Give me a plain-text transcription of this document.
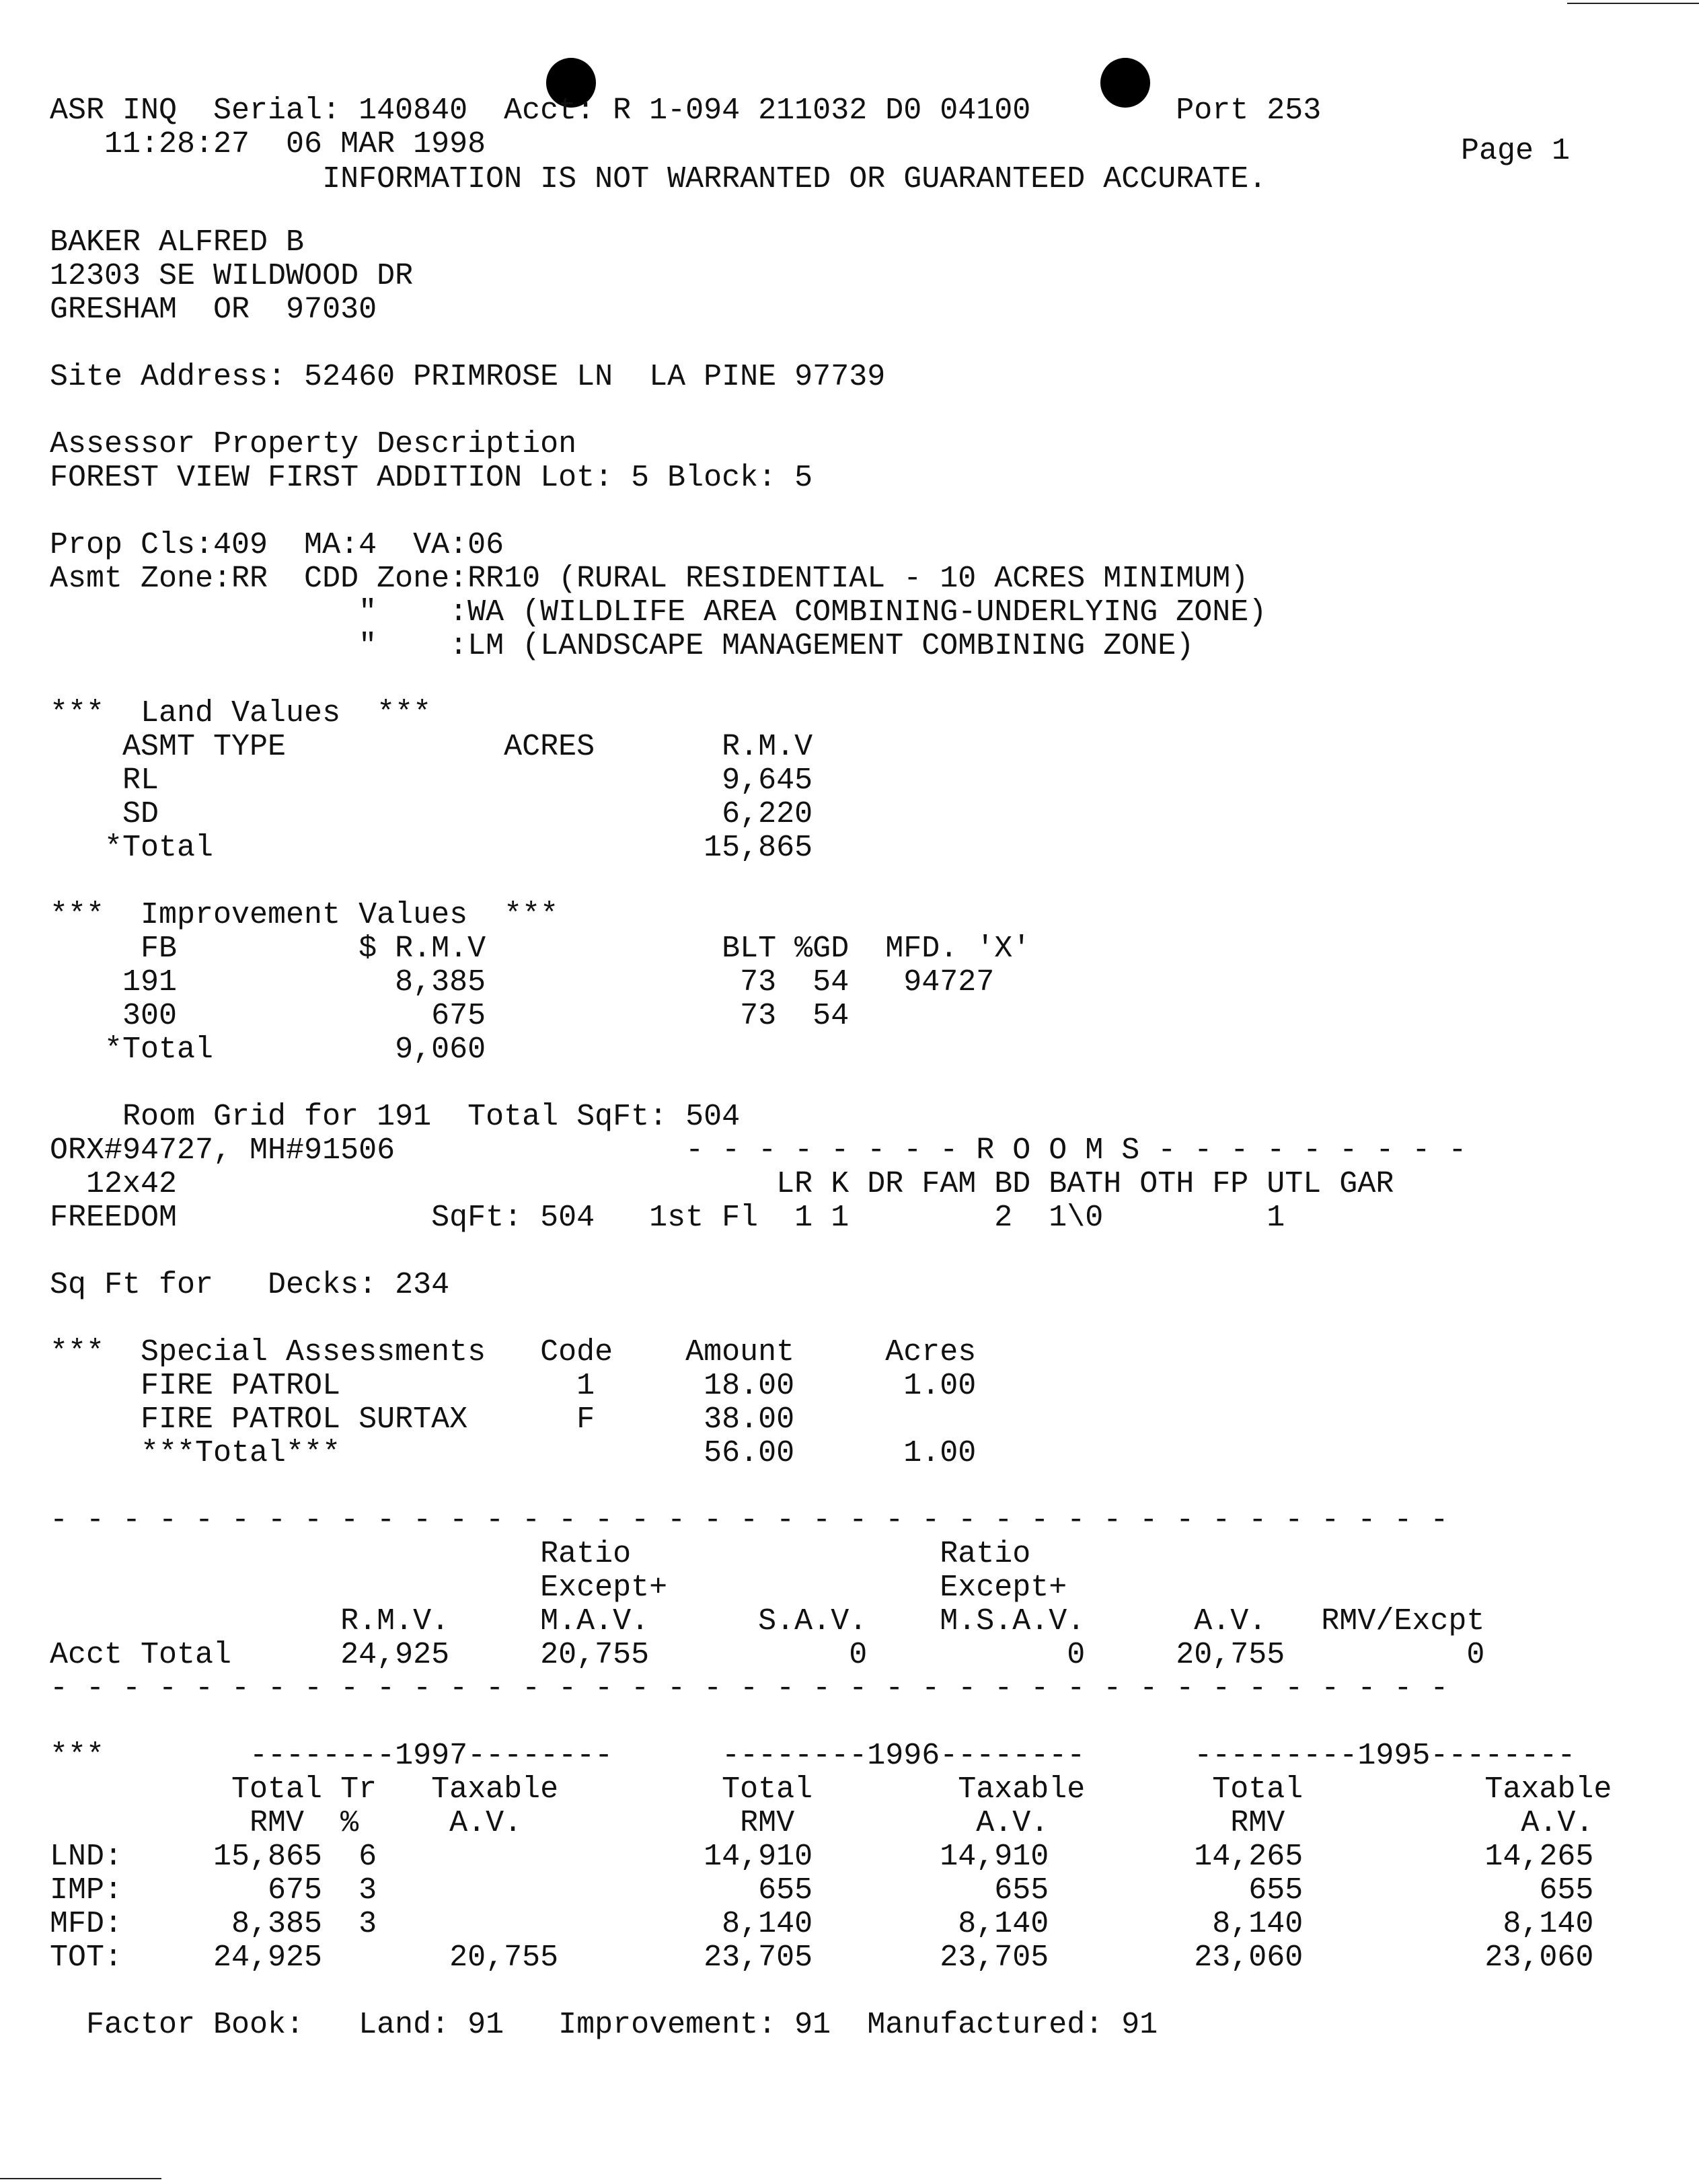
ASR INQ  Serial: 140840  Acct: R 1-094 211032 D0 04100        Port 253
11:28:27  06 MAR 1998	Page 1
INFORMATION IS NOT WARRANTED OR GUARANTEED ACCURATE.
BAKER ALFRED B
12303 SE WILDWOOD DR
GRESHAM  OR  97030
Site Address: 52460 PRIMROSE LN  LA PINE 97739
Assessor Property Description
FOREST VIEW FIRST ADDITION Lot: 5 Block: 5
Prop Cls:409  MA:4  VA:06
Asmt Zone:RR  CDD Zone:RR10 (RURAL RESIDENTIAL - 10 ACRES MINIMUM)
"    :WA (WILDLIFE AREA COMBINING-UNDERLYING ZONE)
"    :LM (LANDSCAPE MANAGEMENT COMBINING ZONE)
***  Land Values  ***
ASMT TYPE            ACRES       R.M.V
RL                               9,645
SD                               6,220
*Total                           15,865
***  Improvement Values  ***
FB          $ R.M.V             BLT %GD  MFD. 'X'
191            8,385              73  54   94727
300              675              73  54
*Total          9,060
Room Grid for 191  Total SqFt: 504
ORX#94727, MH#91506                - - - - - - - - R O O M S - - - - - - - - -
12x42                                 LR K DR FAM BD BATH OTH FP UTL GAR
FREEDOM              SqFt: 504   1st Fl  1 1        2  1\0         1
Sq Ft for   Decks: 234
***  Special Assessments   Code    Amount     Acres
FIRE PATROL             1      18.00      1.00
FIRE PATROL SURTAX      F      38.00
***Total***                    56.00      1.00
- - - - - - - - - - - - - - - - - - - - - - - - - - - - - - - - - - - - - - -
Ratio                 Ratio
Except+               Except+
R.M.V.     M.A.V.      S.A.V.    M.S.A.V.      A.V.   RMV/Excpt
Acct Total      24,925     20,755           0           0     20,755          0
- - - - - - - - - - - - - - - - - - - - - - - - - - - - - - - - - - - - - - -
***        --------1997--------      --------1996--------      ---------1995--------
Total Tr   Taxable         Total        Taxable       Total          Taxable
RMV  %     A.V.            RMV          A.V.          RMV             A.V.
LND:     15,865  6                  14,910       14,910        14,265          14,265
IMP:        675  3                     655          655           655             655
MFD:      8,385  3                   8,140        8,140         8,140           8,140
TOT:     24,925       20,755        23,705       23,705        23,060          23,060
Factor Book:   Land: 91   Improvement: 91  Manufactured: 91
